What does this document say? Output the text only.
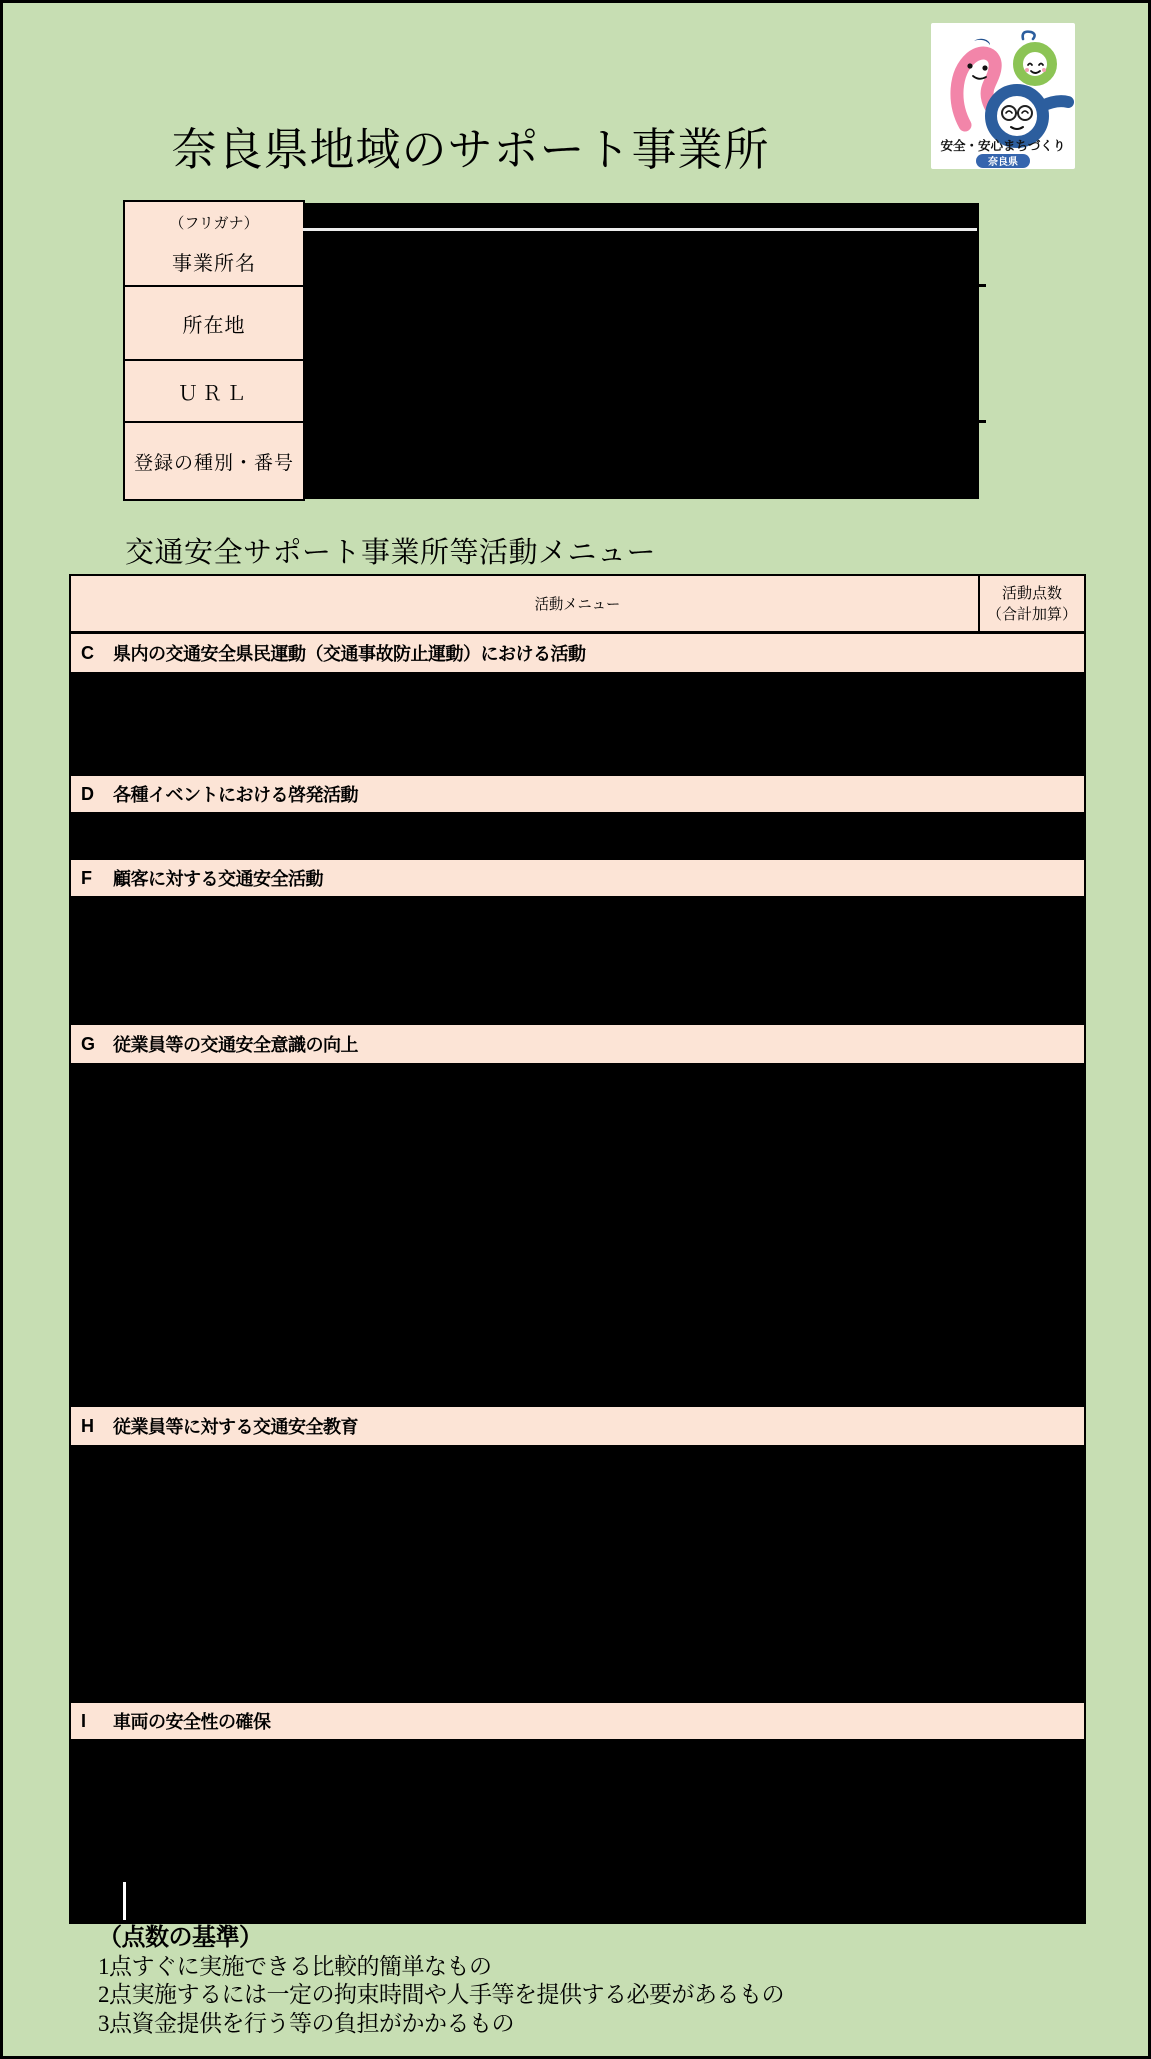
奈良県地域のサポート事業所	安全・安心まちづくり
奈良県
（フリガナ）
事業所名
所在地
ＵＲＬ
登録の種別・番号
交通安全サポート事業所等活動メニュー
活動メニュー
活動点数
（合計加算）
C 県内の交通安全県民運動（交通事故防止運動）における活動
D 各種イベントにおける啓発活動
F	顧客に対する交通安全活動
G 従業員等の交通安全意識の向上
H 従業員等に対する交通安全教育
I	車両の安全性の確保
（点数の基準）
1点すぐに実施できる比較的簡単なもの
2点実施するには一定の拘束時間や人手等を提供する必要があるもの
3点資金提供を行う等の負担がかかるもの
